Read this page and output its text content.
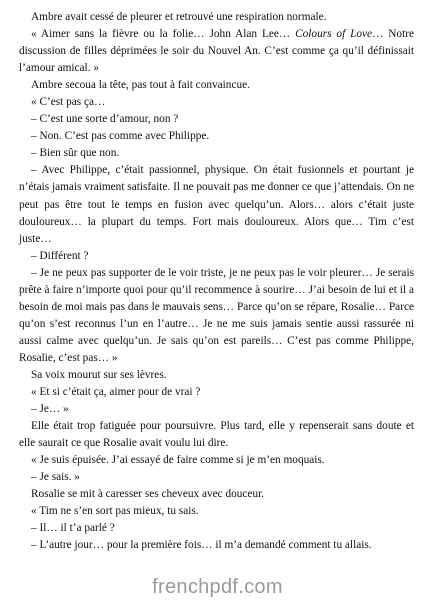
Ambre avait cessé de pleurer et retrouvé une respiration normale.

« Aimer sans la fièvre ou la folie… John Alan Lee… Colours of Love… Notre discussion de filles déprimées le soir du Nouvel An. C’est comme ça qu’il définissait l’amour amical. »

Ambre secoua la tête, pas tout à fait convaincue.

« C’est pas ça…

– C’est une sorte d’amour, non ?

– Non. C’est pas comme avec Philippe.

– Bien sûr que non.

– Avec Philippe, c’était passionnel, physique. On était fusionnels et pourtant je n’étais jamais vraiment satisfaite. Il ne pouvait pas me donner ce que j’attendais. On ne peut pas être tout le temps en fusion avec quelqu’un. Alors… alors c’était juste douloureux… la plupart du temps. Fort mais douloureux. Alors que… Tim c’est juste…

– Différent ?

– Je ne peux pas supporter de le voir triste, je ne peux pas le voir pleurer… Je serais prête à faire n’importe quoi pour qu’il recommence à sourire… J’ai besoin de lui et il a besoin de moi mais pas dans le mauvais sens… Parce qu’on se répare, Rosalie… Parce qu’on s’est reconnus l’un en l’autre… Je ne me suis jamais sentie aussi rassurée ni aussi calme avec quelqu’un. Je sais qu’on est pareils… C’est pas comme Philippe, Rosalie, c’est pas… »

Sa voix mourut sur ses lèvres.

« Et si c’était ça, aimer pour de vrai ?

– Je… »

Elle était trop fatiguée pour poursuivre. Plus tard, elle y repenserait sans doute et elle saurait ce que Rosalie avait voulu lui dire.

« Je suis épuisée. J’ai essayé de faire comme si je m’en moquais.

– Je sais. »

Rosalie se mit à caresser ses cheveux avec douceur.

« Tim ne s’en sort pas mieux, tu sais.

– Il… il t’a parlé ?

– L’autre jour… pour la première fois… il m’a demandé comment tu allais.

frenchpdf.com
